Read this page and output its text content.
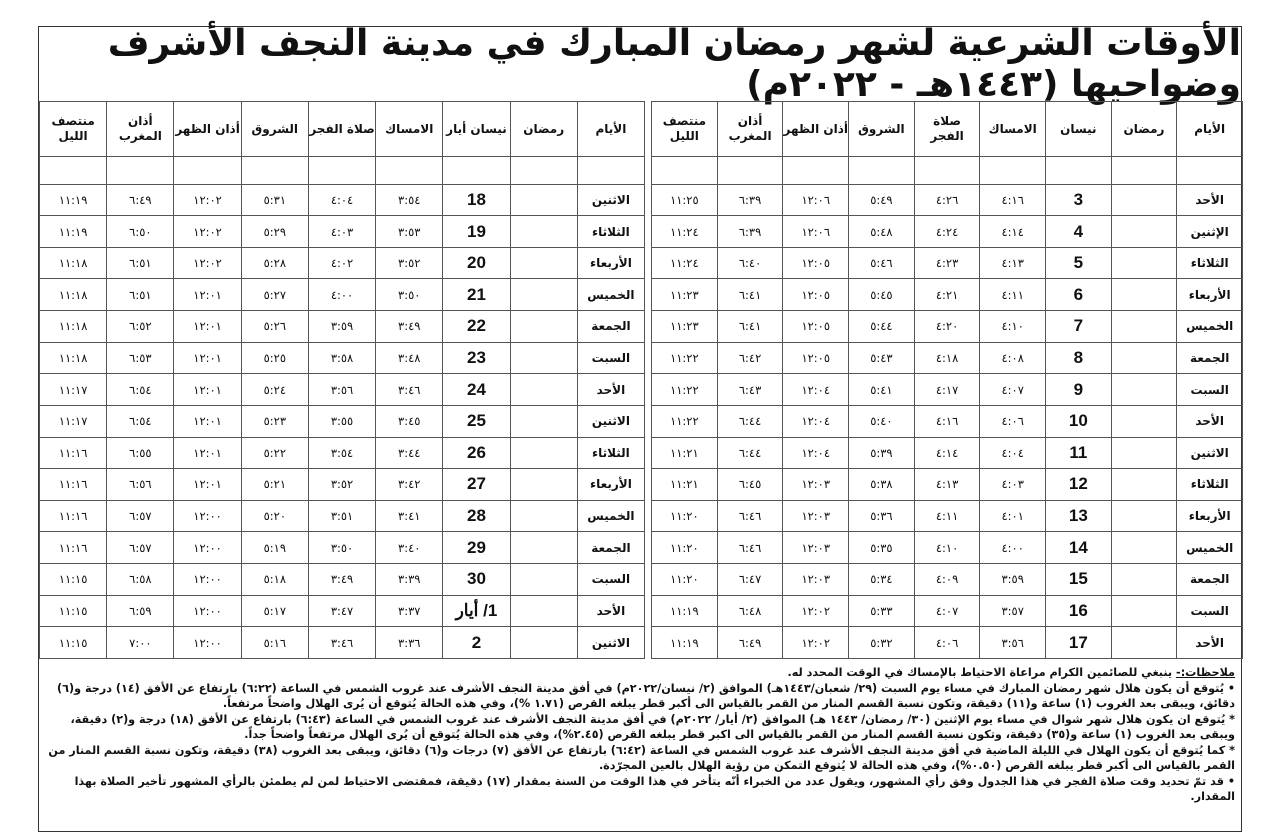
الأوقات الشرعية لشهر رمضان المبارك في مدينة النجف الأشرف وضواحيها (١٤٤٣هـ - ٢٠٢٢م)
الأيام	رمضان	نيسان	الامساك	صلاة الفجر	الشروق	أذان الظهر	أذان المغرب	منتصف الليل

الأحد		3	٤:١٦	٤:٢٦	٥:٤٩	١٢:٠٦	٦:٣٩	١١:٢٥
الإثنين		4	٤:١٤	٤:٢٤	٥:٤٨	١٢:٠٦	٦:٣٩	١١:٢٤
الثلاثاء		5	٤:١٣	٤:٢٣	٥:٤٦	١٢:٠٥	٦:٤٠	١١:٢٤
الأربعاء		6	٤:١١	٤:٢١	٥:٤٥	١٢:٠٥	٦:٤١	١١:٢٣
الخميس		7	٤:١٠	٤:٢٠	٥:٤٤	١٢:٠٥	٦:٤١	١١:٢٣
الجمعة		8	٤:٠٨	٤:١٨	٥:٤٣	١٢:٠٥	٦:٤٢	١١:٢٢
السبت		9	٤:٠٧	٤:١٧	٥:٤١	١٢:٠٤	٦:٤٣	١١:٢٢
الأحد		10	٤:٠٦	٤:١٦	٥:٤٠	١٢:٠٤	٦:٤٤	١١:٢٢
الاثنين		11	٤:٠٤	٤:١٤	٥:٣٩	١٢:٠٤	٦:٤٤	١١:٢١
الثلاثاء		12	٤:٠٣	٤:١٣	٥:٣٨	١٢:٠٣	٦:٤٥	١١:٢١
الأربعاء		13	٤:٠١	٤:١١	٥:٣٦	١٢:٠٣	٦:٤٦	١١:٢٠
الخميس		14	٤:٠٠	٤:١٠	٥:٣٥	١٢:٠٣	٦:٤٦	١١:٢٠
الجمعة		15	٣:٥٩	٤:٠٩	٥:٣٤	١٢:٠٣	٦:٤٧	١١:٢٠
السبت		16	٣:٥٧	٤:٠٧	٥:٣٣	١٢:٠٢	٦:٤٨	١١:١٩
الأحد		17	٣:٥٦	٤:٠٦	٥:٣٢	١٢:٠٢	٦:٤٩	١١:١٩
الأيام	رمضان	نيسان أيار	الامساك	صلاة الفجر	الشروق	أذان الظهر	أذان المغرب	منتصف الليل

الاثنين		18	٣:٥٤	٤:٠٤	٥:٣١	١٢:٠٢	٦:٤٩	١١:١٩
الثلاثاء		19	٣:٥٣	٤:٠٣	٥:٢٩	١٢:٠٢	٦:٥٠	١١:١٩
الأربعاء		20	٣:٥٢	٤:٠٢	٥:٢٨	١٢:٠٢	٦:٥١	١١:١٨
الخميس		21	٣:٥٠	٤:٠٠	٥:٢٧	١٢:٠١	٦:٥١	١١:١٨
الجمعة		22	٣:٤٩	٣:٥٩	٥:٢٦	١٢:٠١	٦:٥٢	١١:١٨
السبت		23	٣:٤٨	٣:٥٨	٥:٢٥	١٢:٠١	٦:٥٣	١١:١٨
الأحد		24	٣:٤٦	٣:٥٦	٥:٢٤	١٢:٠١	٦:٥٤	١١:١٧
الاثنين		25	٣:٤٥	٣:٥٥	٥:٢٣	١٢:٠١	٦:٥٤	١١:١٧
الثلاثاء		26	٣:٤٤	٣:٥٤	٥:٢٢	١٢:٠١	٦:٥٥	١١:١٦
الأربعاء		27	٣:٤٢	٣:٥٢	٥:٢١	١٢:٠١	٦:٥٦	١١:١٦
الخميس		28	٣:٤١	٣:٥١	٥:٢٠	١٢:٠٠	٦:٥٧	١١:١٦
الجمعة		29	٣:٤٠	٣:٥٠	٥:١٩	١٢:٠٠	٦:٥٧	١١:١٦
السبت		30	٣:٣٩	٣:٤٩	٥:١٨	١٢:٠٠	٦:٥٨	١١:١٥
الأحد		1/ أيار	٣:٣٧	٣:٤٧	٥:١٧	١٢:٠٠	٦:٥٩	١١:١٥
الاثنين		2	٣:٣٦	٣:٤٦	٥:١٦	١٢:٠٠	٧:٠٠	١١:١٥

ملاحظات:- ينبغي للصائمين الكرام مراعاة الاحتياط بالإمساك في الوقت المحدد له.

• يُتوقع أن يكون هلال شهر رمضان المبارك في مساء يوم السبت (٢٩/ شعبان/١٤٤٣هـ) الموافق (٢/ نيسان/٢٠٢٢م) في أفق مدينة النجف الأشرف عند غروب الشمس في الساعة (٦:٢٢) بارتفاع عن الأفق (١٤) درجة و(٦) دقائق، ويبقى بعد الغروب (١) ساعة و(١١) دقيقة، وتكون نسبة القسم المنار من القمر بالقياس الى أكبر قطر يبلغه القرص (١.٧١ %)، وفي هذه الحالة يُتوقع أن يُرى الهلال واضحاً مرتفعاً.

* يُتوقع ان يكون هلال شهر شوال في مساء يوم الإثنين (٣٠/ رمضان/ ١٤٤٣ هـ) الموافق (٢/ أيار/ ٢٠٢٢م) في أفق مدينة النجف الأشرف عند غروب الشمس في الساعة (٦:٤٣) بارتفاع عن الأفق (١٨) درجة و(٢) دقيقة، ويبقى بعد الغروب (١) ساعة و(٣٥) دقيقة، وتكون نسبة القسم المنار من القمر بالقياس الى اكبر قطر يبلغه القرص (٢.٤٥%)، وفي هذه الحالة يُتوقع أن يُرى الهلال مرتفعاً واضحاً جداً.

* كما يُتوقع أن يكون الهلال في الليلة الماضية في أفق مدينة النجف الأشرف عند غروب الشمس في الساعة (٦:٤٢) بارتفاع عن الأفق (٧) درجات و(٦) دقائق، ويبقى بعد الغروب (٣٨) دقيقة، وتكون نسبة القسم المنار من القمر بالقياس الى أكبر قطر يبلغه القرص (٠.٥٠%)، وفي هذه الحالة لا يُتوقع التمكن من رؤية الهلال بالعين المجرّدة.

• قد تمّ تحديد وقت صلاة الفجر في هذا الجدول وفق رأي المشهور، ويقول عدد من الخبراء أنّه يتأخر في هذا الوقت من السنة بمقدار (١٧) دقيقة، فمقتضى الاحتياط لمن لم يطمئن بالرأي المشهور تأخير الصلاة بهذا المقدار.
